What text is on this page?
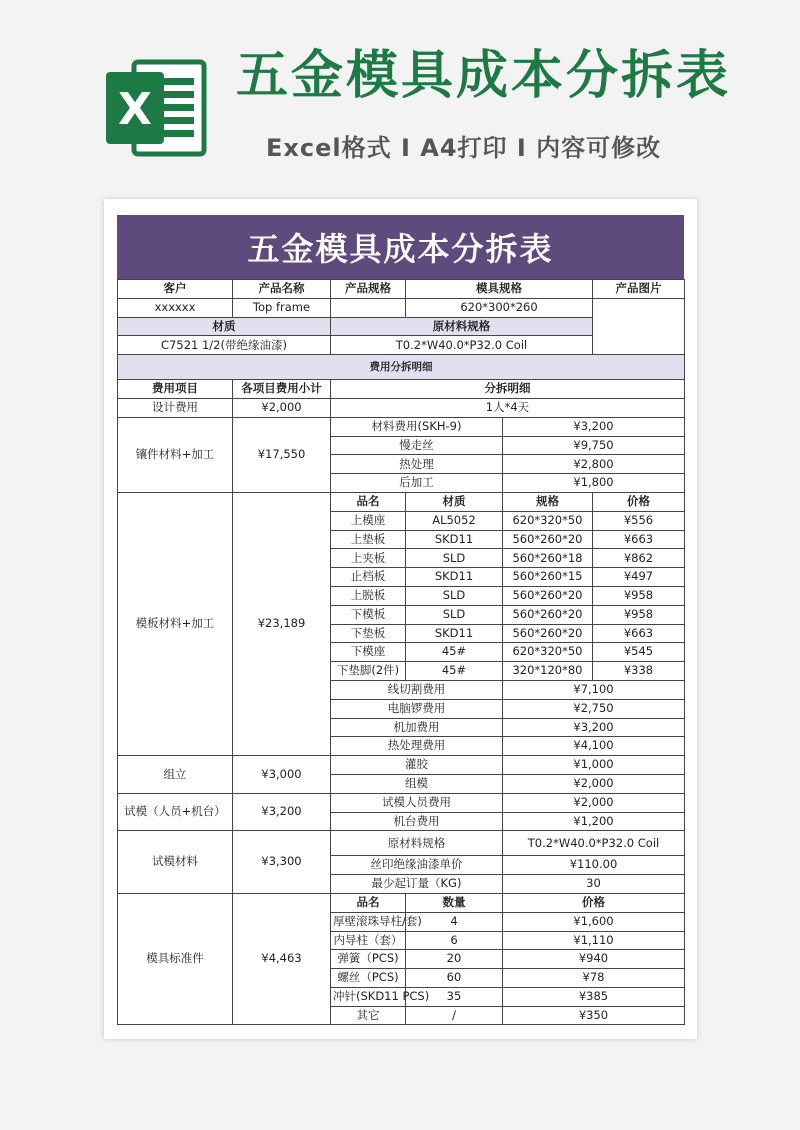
X
五金模具成本分拆表
Excel格式 I A4打印 I 内容可修改
五金模具成本分拆表
客户	产品名称	产品规格	模具规格		产品图片
xxxxxx	Top frame		620*300*260		
材质		原材料规格			
C7521 1/2(带绝缘油漆)		T0.2*W40.0*P32.0 Coil			
费用分拆明细					
费用项目	各项目费用小计	分拆明细			
设计费用	¥2,000	1人*4天			
镶件材料+加工	¥17,550	材料费用(SKH-9)		¥3,200	
		慢走丝		¥9,750	
		热处理		¥2,800	
		后加工		¥1,800	
模板材料+加工	¥23,189	品名	材质	规格	价格
		上模座	AL5052	620*320*50	¥556
		上垫板	SKD11	560*260*20	¥663
		上夹板	SLD	560*260*18	¥862
		止档板	SKD11	560*260*15	¥497
		上脱板	SLD	560*260*20	¥958
		下模板	SLD	560*260*20	¥958
		下垫板	SKD11	560*260*20	¥663
		下模座	45#	620*320*50	¥545
		下垫脚(2件)	45#	320*120*80	¥338
		线切割费用		¥7,100	
		电脑锣费用		¥2,750	
		机加费用		¥3,200	
		热处理费用		¥4,100	
组立	¥3,000	灌胶		¥1,000	
		组模		¥2,000	
试模（人员+机台）	¥3,200	试模人员费用		¥2,000	
		机台费用		¥1,200	
试模材料	¥3,300	原材料规格		T0.2*W40.0*P32.0 Coil	
		丝印绝缘油漆单价		¥110.00	
		最少起订量（KG)		30	
模具标准件	¥4,463	品名	数量	价格	
		厚壁滚珠导柱/套)	4	¥1,600	
		内导柱（套）	6	¥1,110	
		弹簧（PCS)	20	¥940	
		螺丝（PCS)	60	¥78	
		冲针(SKD11 PCS)	35	¥385	
		其它	/	¥350	
